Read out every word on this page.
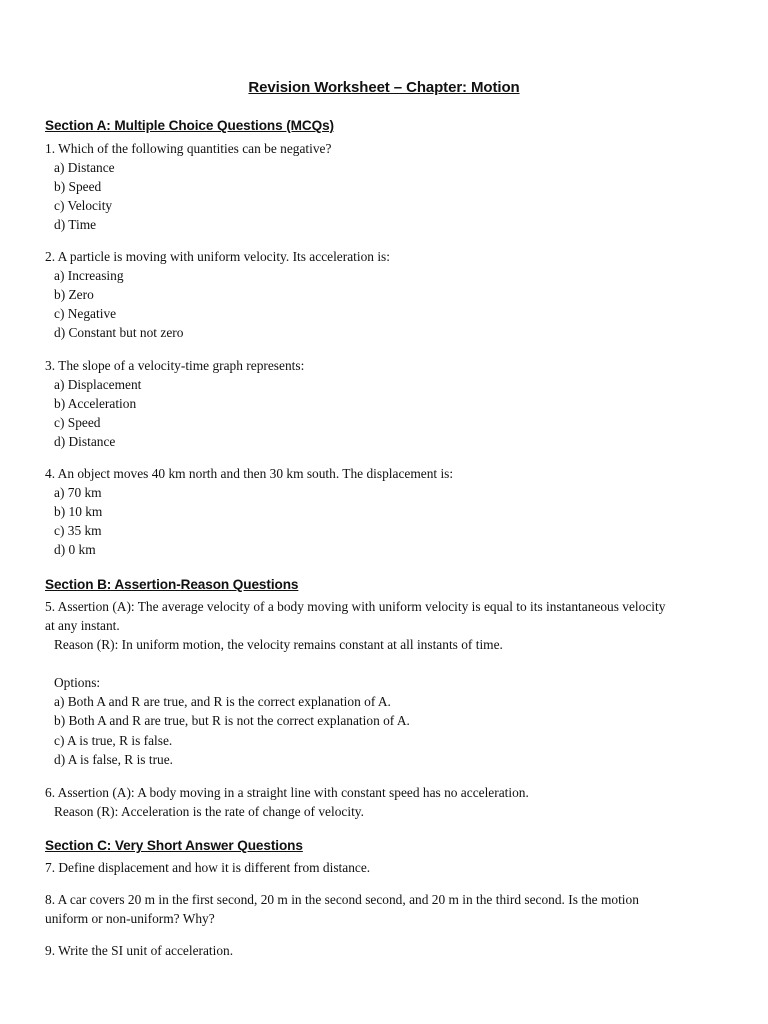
Revision Worksheet – Chapter: Motion
Section A: Multiple Choice Questions (MCQs)
1. Which of the following quantities can be negative?
a) Distance
b) Speed
c) Velocity
d) Time
2. A particle is moving with uniform velocity. Its acceleration is:
a) Increasing
b) Zero
c) Negative
d) Constant but not zero
3. The slope of a velocity-time graph represents:
a) Displacement
b) Acceleration
c) Speed
d) Distance
4. An object moves 40 km north and then 30 km south. The displacement is:
a) 70 km
b) 10 km
c) 35 km
d) 0 km
Section B: Assertion-Reason Questions
5. Assertion (A): The average velocity of a body moving with uniform velocity is equal to its instantaneous velocity
at any instant.
Reason (R): In uniform motion, the velocity remains constant at all instants of time.
Options:
a) Both A and R are true, and R is the correct explanation of A.
b) Both A and R are true, but R is not the correct explanation of A.
c) A is true, R is false.
d) A is false, R is true.
6. Assertion (A): A body moving in a straight line with constant speed has no acceleration.
Reason (R): Acceleration is the rate of change of velocity.
Section C: Very Short Answer Questions
7. Define displacement and how it is different from distance.
8. A car covers 20 m in the first second, 20 m in the second second, and 20 m in the third second. Is the motion
uniform or non-uniform? Why?
9. Write the SI unit of acceleration.
